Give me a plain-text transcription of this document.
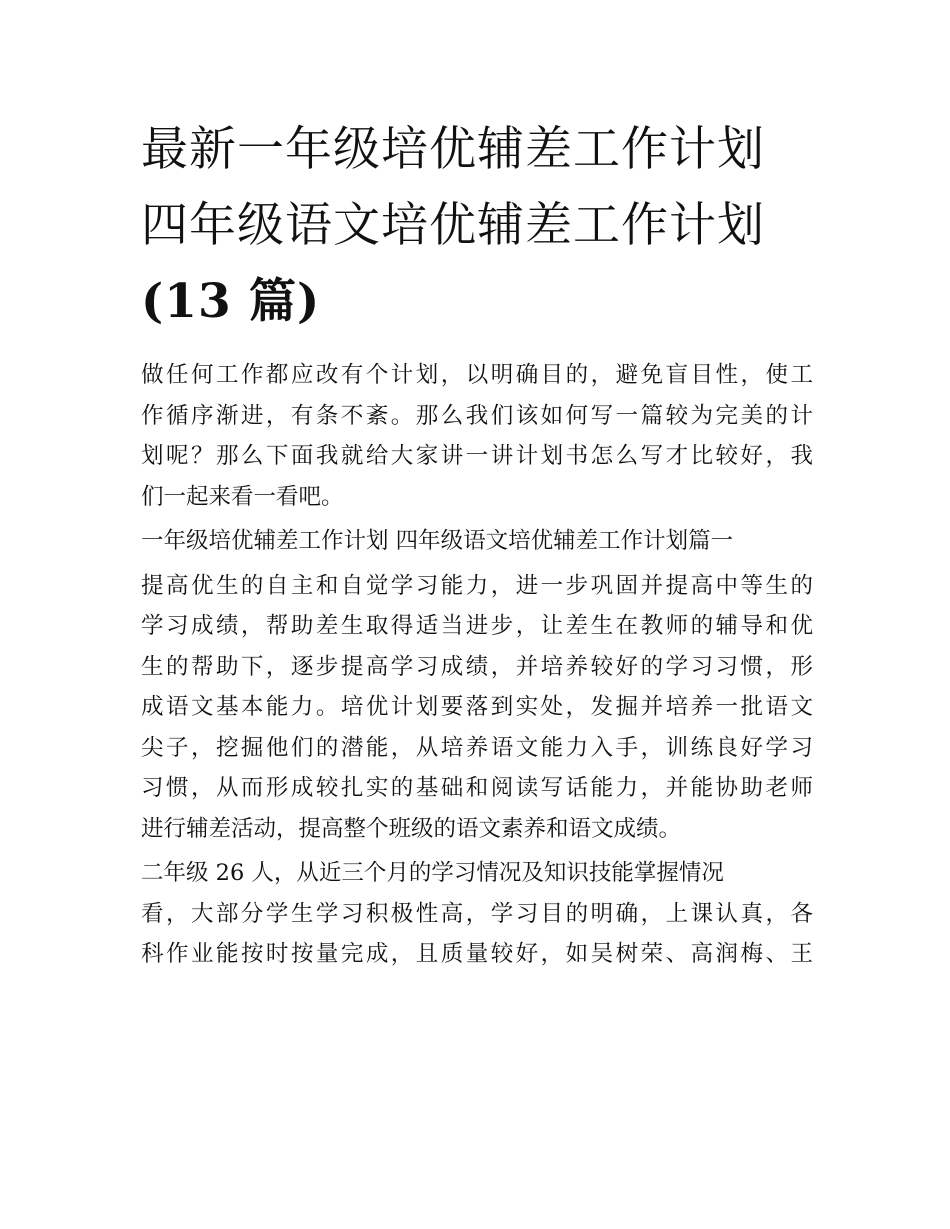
最新一年级培优辅差工作计划
四年级语文培优辅差工作计划
(13 篇)
做任何工作都应改有个计划，以明确目的，避免盲目性，使工
作循序渐进，有条不紊。那么我们该如何写一篇较为完美的计
划呢？那么下面我就给大家讲一讲计划书怎么写才比较好，我
们一起来看一看吧。
一年级培优辅差工作计划 四年级语文培优辅差工作计划篇一
提高优生的自主和自觉学习能力，进一步巩固并提高中等生的
学习成绩，帮助差生取得适当进步，让差生在教师的辅导和优
生的帮助下，逐步提高学习成绩，并培养较好的学习习惯，形
成语文基本能力。培优计划要落到实处，发掘并培养一批语文
尖子，挖掘他们的潜能，从培养语文能力入手，训练良好学习
习惯，从而形成较扎实的基础和阅读写话能力，并能协助老师
进行辅差活动，提高整个班级的语文素养和语文成绩。
二年级 26 人，从近三个月的学习情况及知识技能掌握情况
看，大部分学生学习积极性高，学习目的明确，上课认真，各
科作业能按时按量完成，且质量较好，如吴树荣、高润梅、王
